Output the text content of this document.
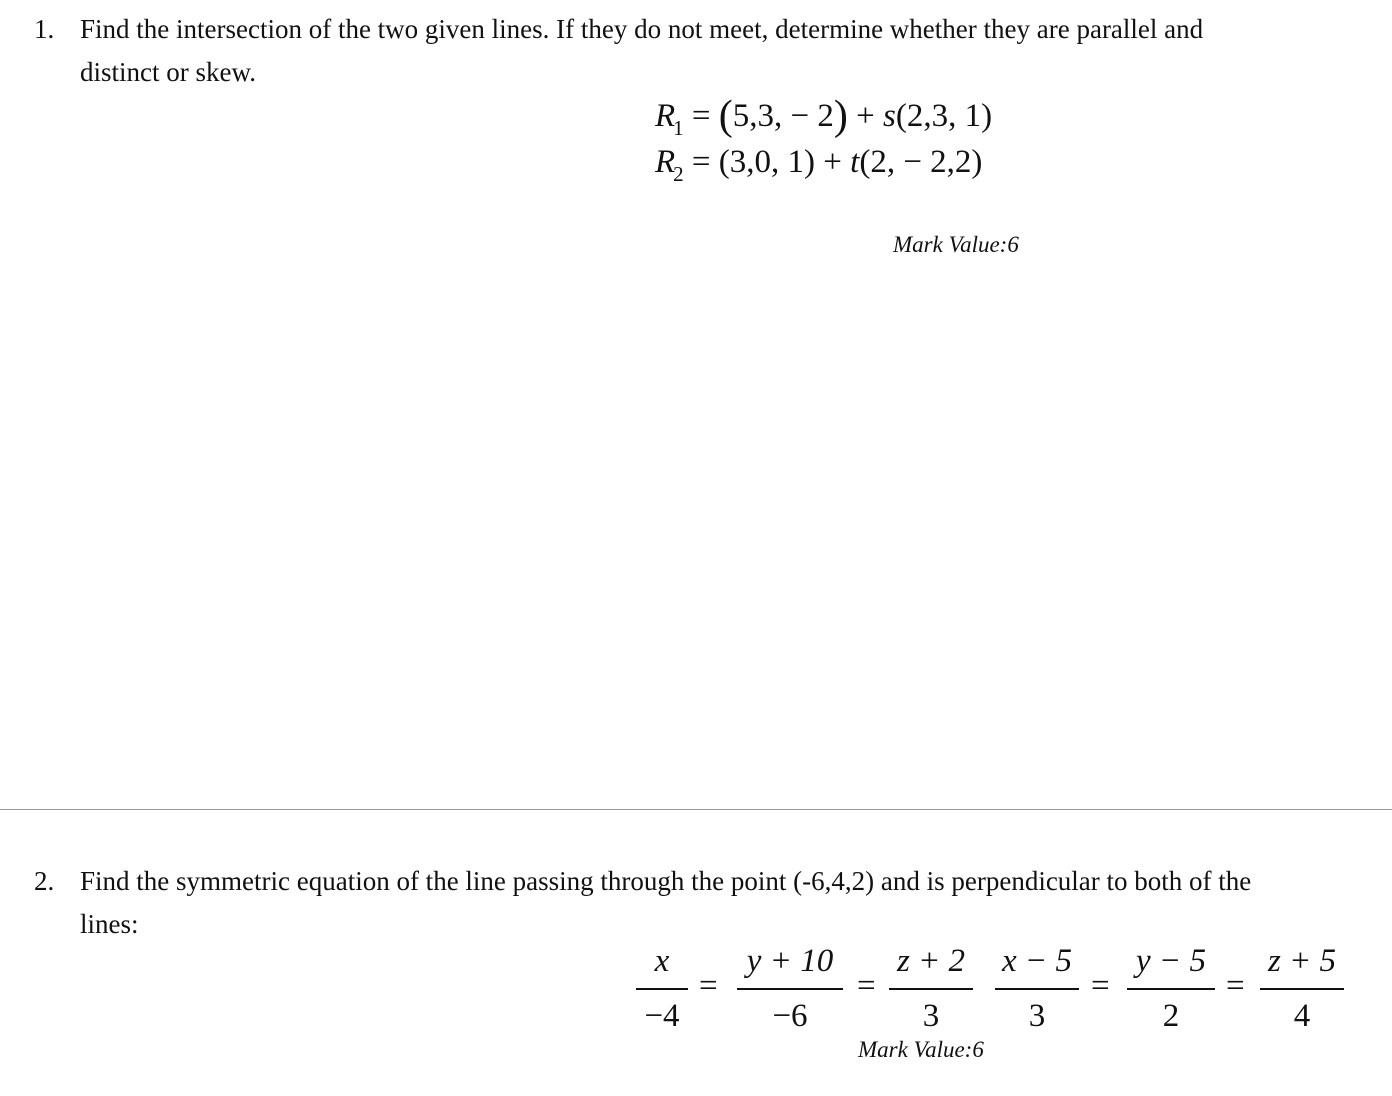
1. Find the intersection of the two given lines. If they do not meet, determine whether they are parallel and
distinct or skew.
$R_1 = (5,3$, − 2) + s(2,3, 1)
$R_2 = (3,0$, 1) + t(2, − 2,2)
Mark Value:6
2. Find the symmetric equation of the line passing through the point (-6,4,2) and is perpendicular to both of the
lines:
x
−4
=
y + 10
−6
=
z + 2
3
x − 5
3
=
y − 5
2
=
z + 5
4
Mark Value:6
